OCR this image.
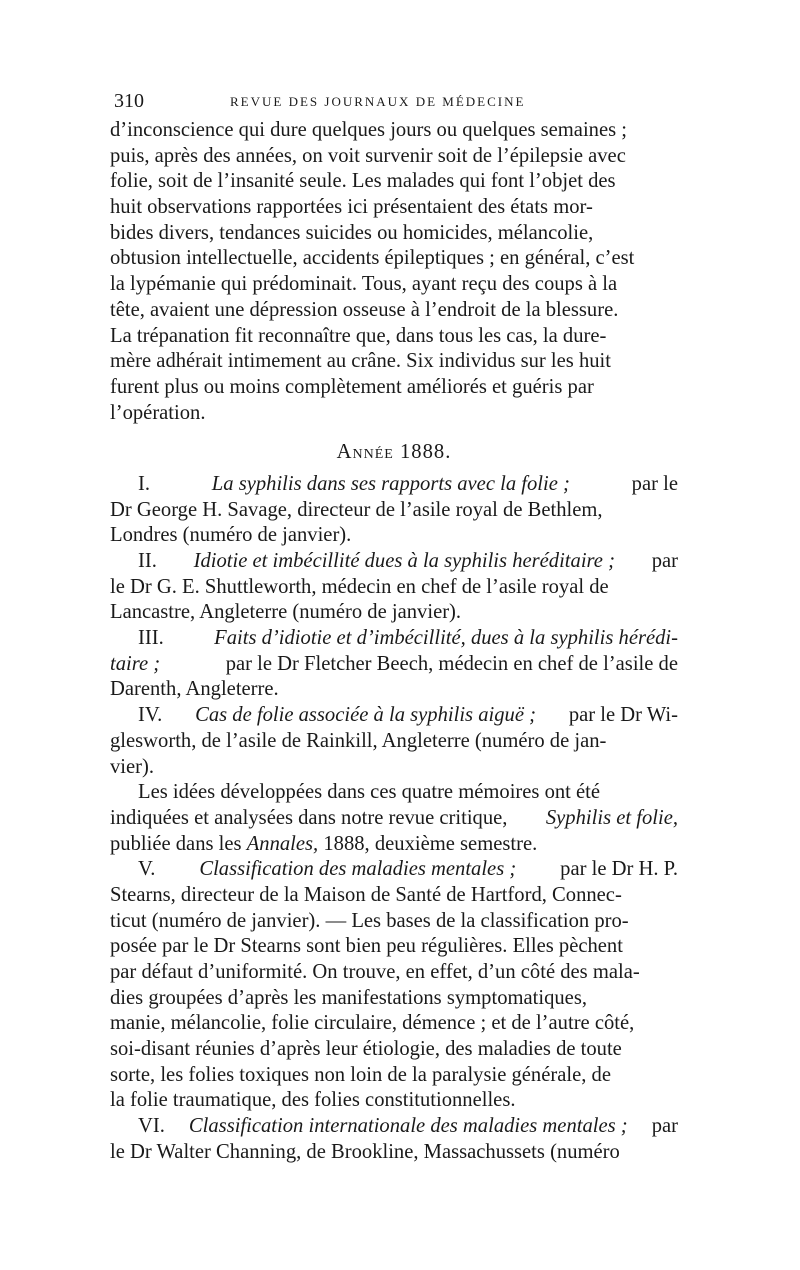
310	REVUE DES JOURNAUX DE MÉDECINE
d’inconscience qui dure quelques jours ou quelques semaines ;
puis, après des années, on voit survenir soit de l’épilepsie avec
folie, soit de l’insanité seule. Les malades qui font l’objet des
huit observations rapportées ici présentaient des états mor-
bides divers, tendances suicides ou homicides, mélancolie,
obtusion intellectuelle, accidents épileptiques ; en général, c’est
la lypémanie qui prédominait. Tous, ayant reçu des coups à la
tête, avaient une dépression osseuse à l’endroit de la blessure.
La trépanation fit reconnaître que, dans tous les cas, la dure-
mère adhérait intimement au crâne. Six individus sur les huit
furent plus ou moins complètement améliorés et guéris par
l’opération.
Année 1888.
I.	La syphilis dans ses rapports avec la folie ;	par le
Dr George H. Savage, directeur de l’asile royal de Bethlem,
Londres (numéro de janvier).
II. Idiotie et imbécillité dues à la syphilis heréditaire ; par
le Dr G. E. Shuttleworth, médecin en chef de l’asile royal de
Lancastre, Angleterre (numéro de janvier).
III. Faits d’idiotie et d’imbécillité, dues à la syphilis hérédi-
taire ;	par le Dr Fletcher Beech, médecin en chef de l’asile de
Darenth, Angleterre.
IV. Cas de folie associée à la syphilis aiguë ; par le Dr Wi-
glesworth, de l’asile de Rainkill, Angleterre (numéro de jan-
vier).
Les idées développées dans ces quatre mémoires ont été
indiquées et analysées dans notre revue critique, Syphilis et folie,
publiée dans les
Annales,
1888, deuxième semestre.
V. Classification des maladies mentales ; par le Dr H. P.
Stearns, directeur de la Maison de Santé de Hartford, Connec-
ticut (numéro de janvier). — Les bases de la classification pro-
posée par le Dr Stearns sont bien peu régulières. Elles pèchent
par défaut d’uniformité. On trouve, en effet, d’un côté des mala-
dies groupées d’après les manifestations symptomatiques,
manie, mélancolie, folie circulaire, démence ; et de l’autre côté,
soi-disant réunies d’après leur étiologie, des maladies de toute
sorte, les folies toxiques non loin de la paralysie générale, de
la folie traumatique, des folies constitutionnelles.
VI. Classification internationale des maladies mentales ; par
le Dr Walter Channing, de Brookline, Massachussets (numéro
